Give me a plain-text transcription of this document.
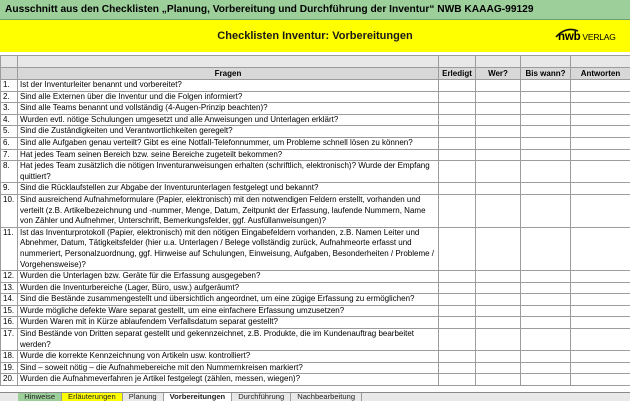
Ausschnitt aus den Checklisten „Planung, Vorbereitung und Durchführung der Inventur“ NWB KAAAG-99129
Checklisten Inventur: Vorbereitungen	nwb VERLAG

	Fragen	Erledigt	Wer?	Bis wann?	Antworten
1.	Ist der Inventurleiter benannt und vorbereitet?				
2.	Sind alle Externen über die Inventur und die Folgen informiert?				
3.	Sind alle Teams benannt und vollständig (4-Augen-Prinzip beachten)?				
4.	Wurden evtl. nötige Schulungen umgesetzt und alle Anweisungen und Unterlagen erklärt?				
5.	Sind die Zuständigkeiten und Verantwortlichkeiten geregelt?				
6.	Sind alle Aufgaben genau verteilt? Gibt es eine Notfall-Telefonnummer, um Probleme schnell lösen zu können?				
7.	Hat jedes Team seinen Bereich bzw. seine Bereiche zugeteilt bekommen?				
8.	Hat jedes Team zusätzlich die nötigen Inventuranweisungen erhalten (schriftlich, elektronisch)? Wurde der Empfang quittiert?				
9.	Sind die Rücklaufstellen zur Abgabe der Inventurunterlagen festgelegt und bekannt?				
10.	Sind ausreichend Aufnahmeformulare (Papier, elektronisch) mit den notwendigen Feldern erstellt, vorhanden und verteilt (z.B. Artikelbezeichnung und -nummer, Menge, Datum, Zeitpunkt der Erfassung, laufende Nummern, Name von Zähler und Aufnehmer, Unterschrift, Bemerkungsfelder, ggf. Ausfüllanweisungen)?				
11.	Ist das Inventurprotokoll (Papier, elektronisch) mit den nötigen Eingabefeldern vorhanden, z.B. Namen Leiter und Abnehmer, Datum, Tätigkeitsfelder (hier u.a. Unterlagen / Belege vollständig zurück, Aufnahmeorte erfasst und nummeriert, Personalzuordnung, ggf. Hinweise auf Schulungen, Einweisung, Aufgaben, Besonderheiten / Probleme / Vorgehensweise)?				
12.	Wurden die Unterlagen bzw. Geräte für die Erfassung ausgegeben?				
13.	Wurden die Inventurbereiche (Lager, Büro, usw.) aufgeräumt?				
14.	Sind die Bestände zusammengestellt und übersichtlich angeordnet, um eine zügige Erfassung zu ermöglichen?				
15.	Wurde mögliche defekte Ware separat gestellt, um eine einfachere Erfassung umzusetzen?				
16.	Wurden Waren mit in Kürze ablaufendem Verfallsdatum separat gestellt?				
17.	Sind Bestände von Dritten separat gestellt und gekennzeichnet, z.B. Produkte, die im Kundenauftrag bearbeitet werden?				
18.	Wurde die korrekte Kennzeichnung von Artikeln usw. kontrolliert?				
19.	Sind – soweit nötig – die Aufnahmebereiche mit den Nummernkreisen markiert?				
20.	Wurden die Aufnahmeverfahren je Artikel festgelegt (zählen, messen, wiegen)?				
Hinweise Erläuterungen Planung Vorbereitungen Durchführung Nachbearbeitung
